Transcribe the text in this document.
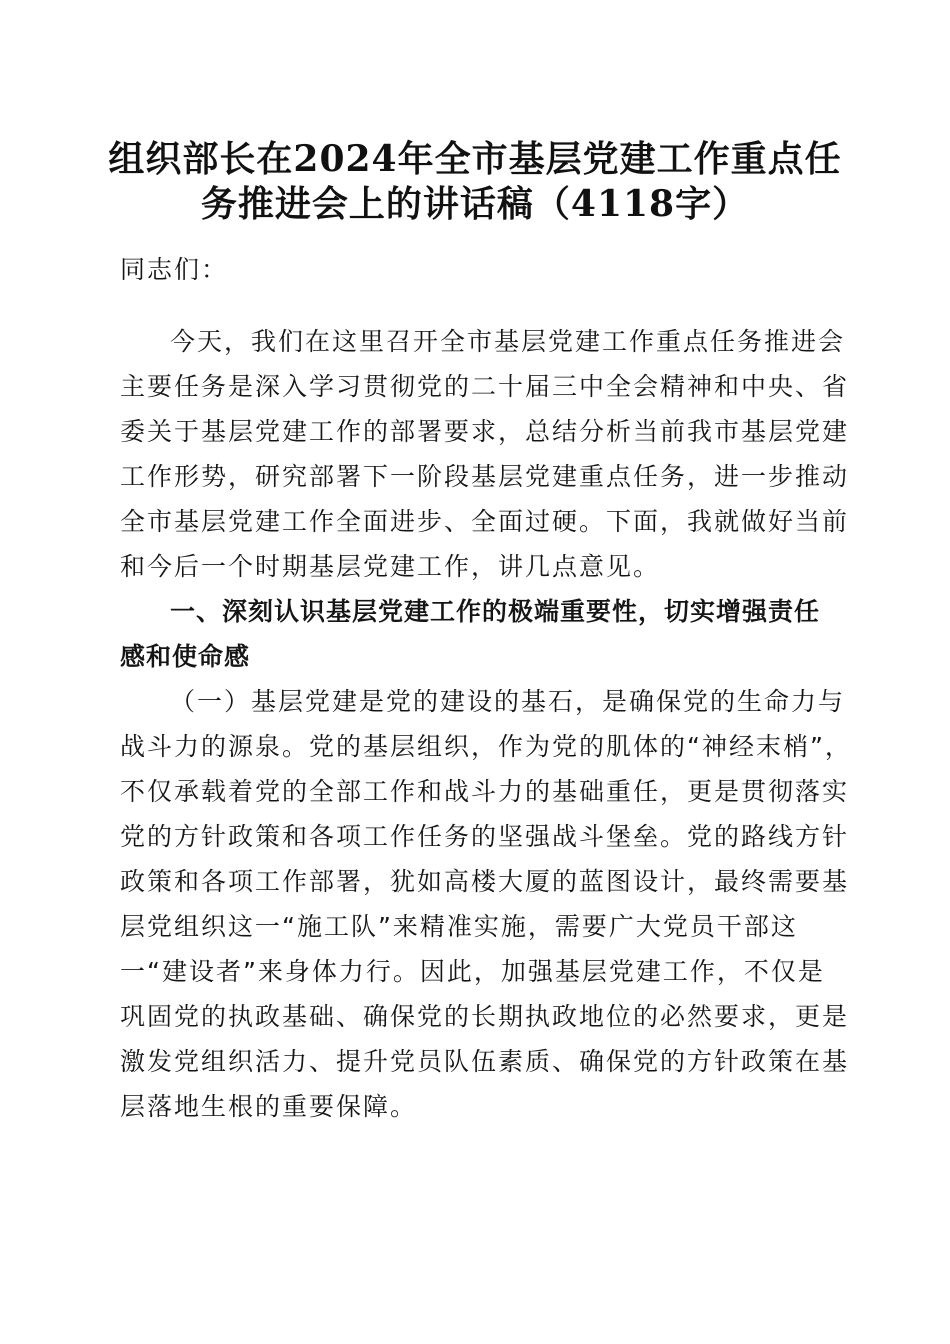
组织部长在2024年全市基层党建工作重点任
务推进会上的讲话稿（4118字）

同志们：

今天，我们在这里召开全市基层党建工作重点任务推进会

主要任务是深入学习贯彻党的二十届三中全会精神和中央、省

委关于基层党建工作的部署要求，总结分析当前我市基层党建

工作形势，研究部署下一阶段基层党建重点任务，进一步推动

全市基层党建工作全面进步、全面过硬。下面，我就做好当前

和今后一个时期基层党建工作，讲几点意见。

一、深刻认识基层党建工作的极端重要性，切实增强责任

感和使命感

（一）基层党建是党的建设的基石，是确保党的生命力与

战斗力的源泉。党的基层组织，作为党的肌体的“神经末梢”，

不仅承载着党的全部工作和战斗力的基础重任，更是贯彻落实

党的方针政策和各项工作任务的坚强战斗堡垒。党的路线方针

政策和各项工作部署，犹如高楼大厦的蓝图设计，最终需要基

层党组织这一“施工队”来精准实施，需要广大党员干部这

一“建设者”来身体力行。因此，加强基层党建工作，不仅是

巩固党的执政基础、确保党的长期执政地位的必然要求，更是

激发党组织活力、提升党员队伍素质、确保党的方针政策在基

层落地生根的重要保障。
